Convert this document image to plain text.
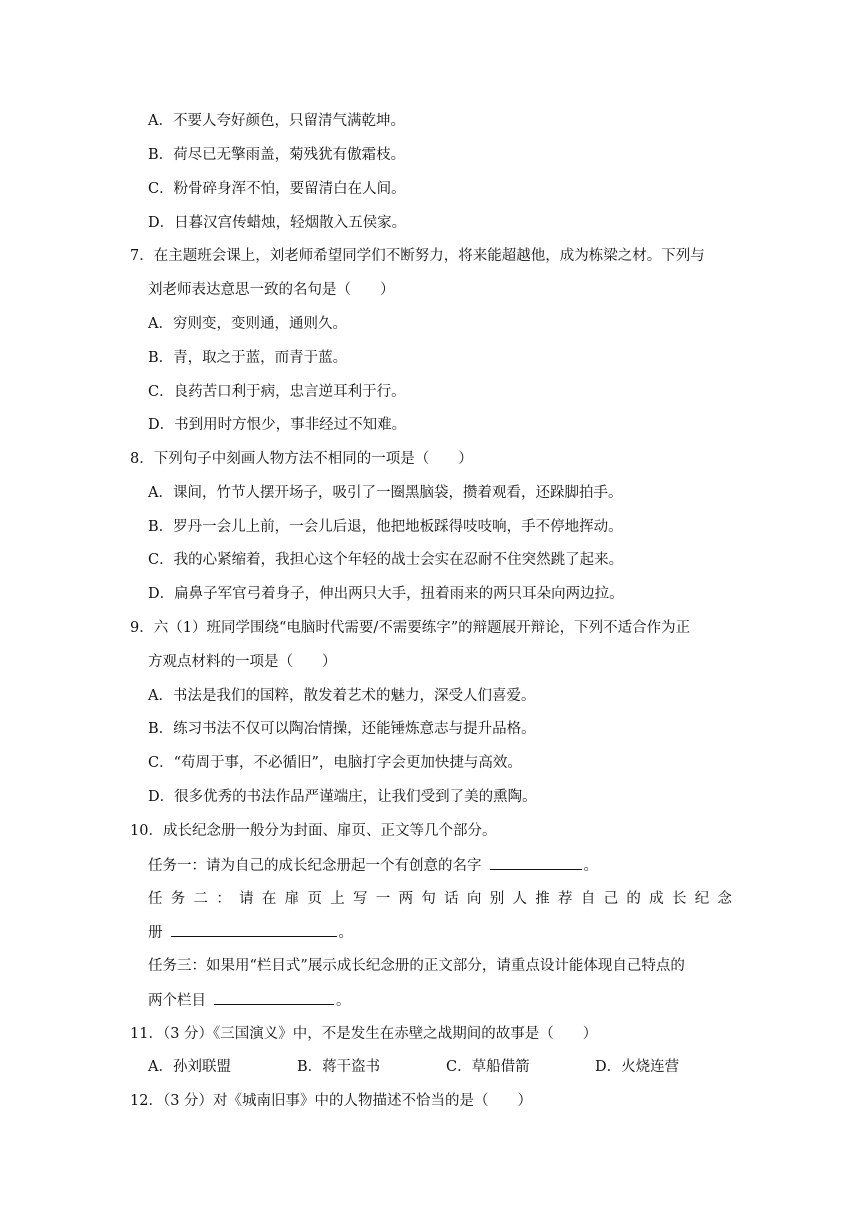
A．不要人夸好颜色，只留清气满乾坤。
B．荷尽已无擎雨盖，菊残犹有傲霜枝。
C．粉骨碎身浑不怕，要留清白在人间。
D．日暮汉宫传蜡烛，轻烟散入五侯家。
7．在主题班会课上，刘老师希望同学们不断努力，将来能超越他，成为栋梁之材。下列与
刘老师表达意思一致的名句是（　　）
A．穷则变，变则通，通则久。
B．青，取之于蓝，而青于蓝。
C．良药苦口利于病，忠言逆耳利于行。
D．书到用时方恨少，事非经过不知难。
8．下列句子中刻画人物方法不相同的一项是（　　）
A．课间，竹节人摆开场子，吸引了一圈黑脑袋，攒着观看，还跺脚拍手。
B．罗丹一会儿上前，一会儿后退，他把地板踩得吱吱响，手不停地挥动。
C．我的心紧缩着，我担心这个年轻的战士会实在忍耐不住突然跳了起来。
D．扁鼻子军官弓着身子，伸出两只大手，扭着雨来的两只耳朵向两边拉。
9．六（1）班同学围绕“电脑时代需要/不需要练字”的辩题展开辩论，下列不适合作为正
方观点材料的一项是（　　）
A．书法是我们的国粹，散发着艺术的魅力，深受人们喜爱。
B．练习书法不仅可以陶冶情操，还能锤炼意志与提升品格。
C．“苟周于事，不必循旧”，电脑打字会更加快捷与高效。
D．很多优秀的书法作品严谨端庄，让我们受到了美的熏陶。
10．成长纪念册一般分为封面、扉页、正文等几个部分。
任务一：请为自己的成长纪念册起一个有创意的名字	。
任务二：请在扉页上写一两句话向别人推荐自己的成长纪念
册	。
任务三：如果用“栏目式”展示成长纪念册的正文部分，请重点设计能体现自己特点的
两个栏目	。
11．（3 分）《三国演义》中，不是发生在赤壁之战期间的故事是（　　）
A．孙刘联盟	B．蒋干盗书	C．草船借箭	D．火烧连营
12．（3 分）对《城南旧事》中的人物描述不恰当的是（　　）
